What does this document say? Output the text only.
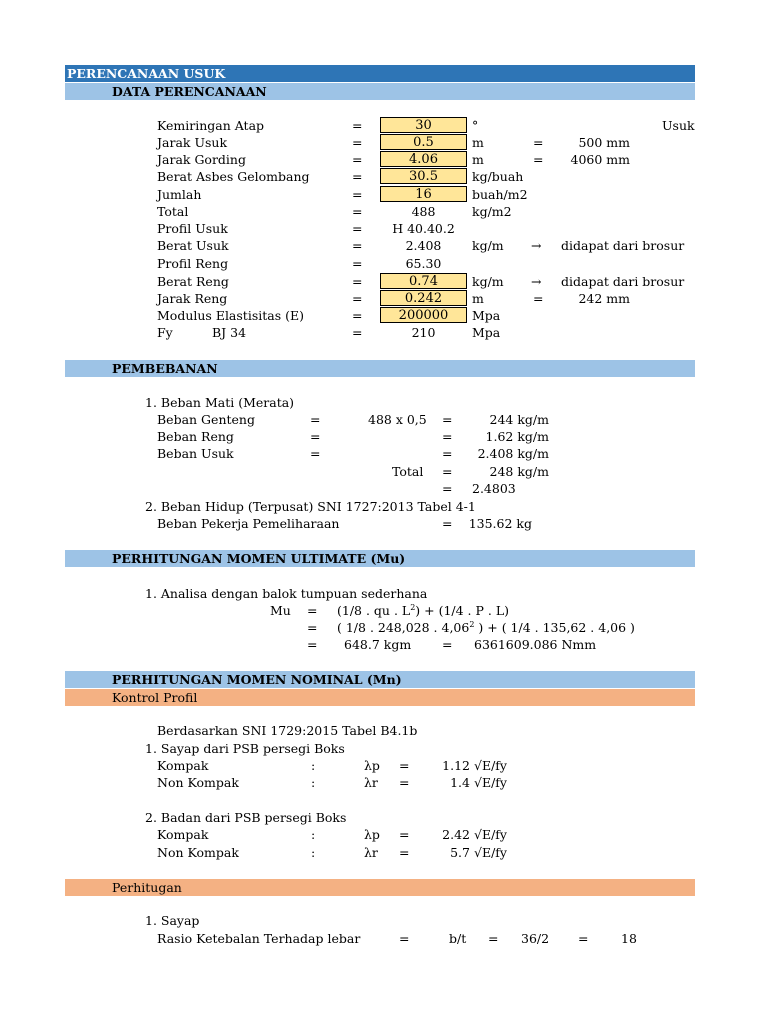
PERENCANAAN USUK
DATA PERENCANAAN
Kemiringan Atap	=	30	°	Usuk
Jarak Usuk	=	0.5	m	=	500 mm
Jarak Gording	=	4.06	m	=	4060 mm
Berat Asbes Gelombang	=	30.5	kg/buah
Jumlah	=	16	buah/m2
Total	=	488	kg/m2
Profil Usuk	=	H 40.40.2
Berat Usuk	=	2.408	kg/m → didapat dari brosur
Profil Reng	=	65.30
Berat Reng	=	0.74	kg/m → didapat dari brosur
Jarak Reng	=	0.242	m	=	242 mm
Modulus Elastisitas (E)	=	200000	Mpa
Fy	BJ 34	=	210	Mpa
PEMBEBANAN
1. Beban Mati (Merata)
Beban Genteng	=	488 x 0,5 =	244 kg/m
Beban Reng	=	=	1.62 kg/m
Beban Usuk	=	=	2.408 kg/m
Total =	248 kg/m
= 2.4803
2. Beban Hidup (Terpusat) SNI 1727:2013 Tabel 4-1
Beban Pekerja Pemeliharaan	=	135.62 kg
PERHITUNGAN MOMEN ULTIMATE (Mu)
1. Analisa dengan balok tumpuan sederhana
Mu = (1/8 . qu . $L^2) + (1/4$ . P . L)
= ( 1/8 . 248,028 . 4,06$^2$ ) + ( 1/4 . 135,62 . 4,06 )
= 648.7 kgm = 6361609.086 Nmm
PERHITUNGAN MOMEN NOMINAL (Mn)
Kontrol Profil
Berdasarkan SNI 1729:2015 Tabel B4.1b
1. Sayap dari PSB persegi Boks
Kompak	:	λp =	1.12 √E/fy
Non Kompak	:	λr =	1.4 √E/fy
2. Badan dari PSB persegi Boks
Kompak	:	λp =	2.42 √E/fy
Non Kompak	:	λr =	5.7 √E/fy
Perhitugan
1. Sayap
Rasio Ketebalan Terhadap lebar	=	b/t = 36/2 =	18
